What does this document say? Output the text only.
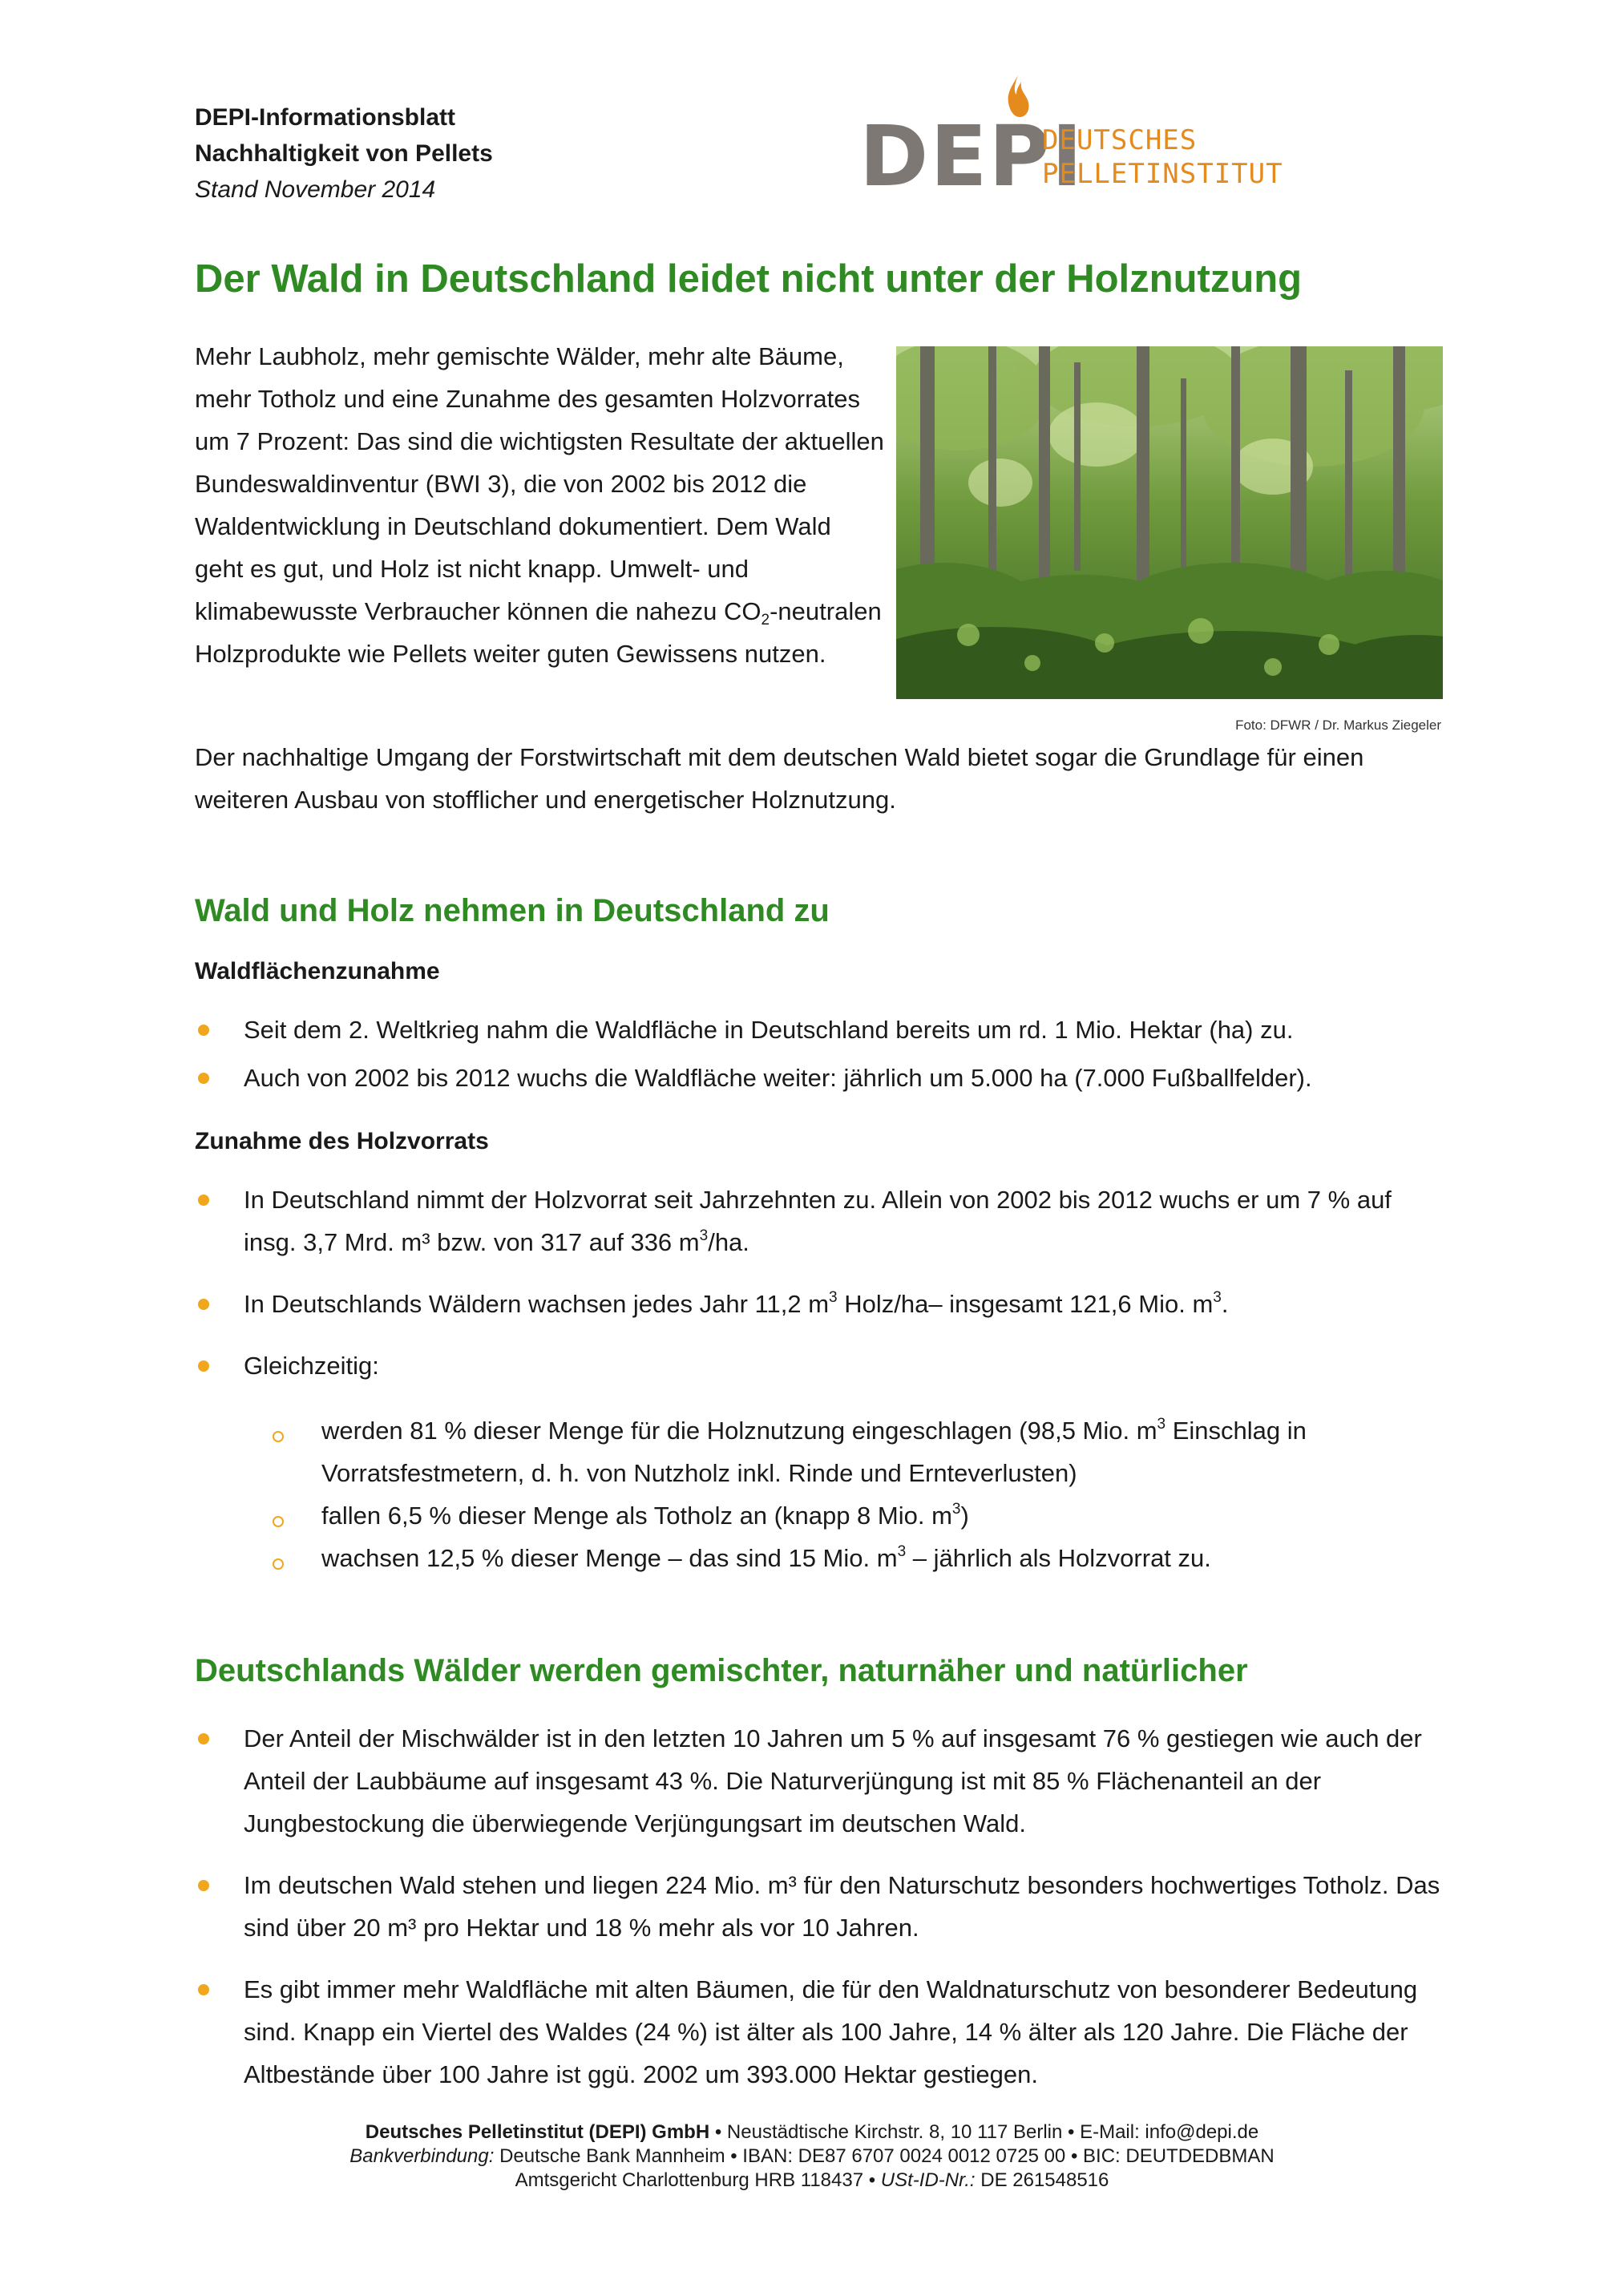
DEPI-Informationsblatt
Nachhaltigkeit von Pellets
Stand November 2014	DEPI
DEUTSCHES
PELLETINSTITUT
Der Wald in Deutschland leidet nicht unter der Holznutzung

Mehr Laubholz, mehr gemischte Wälder, mehr alte Bäume, mehr Totholz und eine Zunahme des gesamten Holzvorrates um 7 Prozent: Das sind die wichtigsten Resultate der aktuellen Bundeswaldinventur (BWI 3), die von 2002 bis 2012 die Waldentwicklung in Deutschland dokumentiert. Dem Wald geht es gut, und Holz ist nicht knapp. Umwelt- und klimabewusste Verbraucher können die nahezu $CO_2$-neutralen Holzprodukte wie Pellets weiter guten Gewissens nutzen.

Foto: DFWR / Dr. Markus Ziegeler

Der nachhaltige Umgang der Forstwirtschaft mit dem deutschen Wald bietet sogar die Grundlage für einen weiteren Ausbau von stofflicher und energetischer Holznutzung.

Wald und Holz nehmen in Deutschland zu
Waldflächenzunahme
Seit dem 2. Weltkrieg nahm die Waldfläche in Deutschland bereits um rd. 1 Mio. Hektar (ha) zu.
Auch von 2002 bis 2012 wuchs die Waldfläche weiter: jährlich um 5.000 ha (7.000 Fußballfelder).
Zunahme des Holzvorrats
In Deutschland nimmt der Holzvorrat seit Jahrzehnten zu. Allein von 2002 bis 2012 wuchs er um 7 % auf insg. 3,7 Mrd. m³ bzw. von 317 auf 336 $m^3/ha$.
In Deutschlands Wäldern wachsen jedes Jahr 11,2 $m^3$ Holz/ha– insgesamt 121,6 Mio. $m^3$.
Gleichzeitig:
werden 81 % dieser Menge für die Holznutzung eingeschlagen (98,5 Mio. $m^3$ Einschlag in Vorratsfestmetern, d. h. von Nutzholz inkl. Rinde und Ernteverlusten)
fallen 6,5 % dieser Menge als Totholz an (knapp 8 Mio. $m^3$)
wachsen 12,5 % dieser Menge – das sind 15 Mio. $m^3$ – jährlich als Holzvorrat zu.
Deutschlands Wälder werden gemischter, naturnäher und natürlicher
Der Anteil der Mischwälder ist in den letzten 10 Jahren um 5 % auf insgesamt 76 % gestiegen wie auch der Anteil der Laubbäume auf insgesamt 43 %. Die Naturverjüngung ist mit 85 % Flächenanteil an der Jungbestockung die überwiegende Verjüngungsart im deutschen Wald.
Im deutschen Wald stehen und liegen 224 Mio. m³ für den Naturschutz besonders hochwertiges Totholz. Das sind über 20 m³ pro Hektar und 18 % mehr als vor 10 Jahren.
Es gibt immer mehr Waldfläche mit alten Bäumen, die für den Waldnaturschutz von besonderer Bedeutung sind. Knapp ein Viertel des Waldes (24 %) ist älter als 100 Jahre, 14 % älter als 120 Jahre. Die Fläche der Altbestände über 100 Jahre ist ggü. 2002 um 393.000 Hektar gestiegen.
Deutsches Pelletinstitut (DEPI) GmbH • Neustädtische Kirchstr. 8, 10 117 Berlin • E-Mail: info@depi.de
Bankverbindung: Deutsche Bank Mannheim • IBAN: DE87 6707 0024 0012 0725 00 • BIC: DEUTDEDBMAN
Amtsgericht Charlottenburg HRB 118437 • USt-ID-Nr.: DE 261548516
